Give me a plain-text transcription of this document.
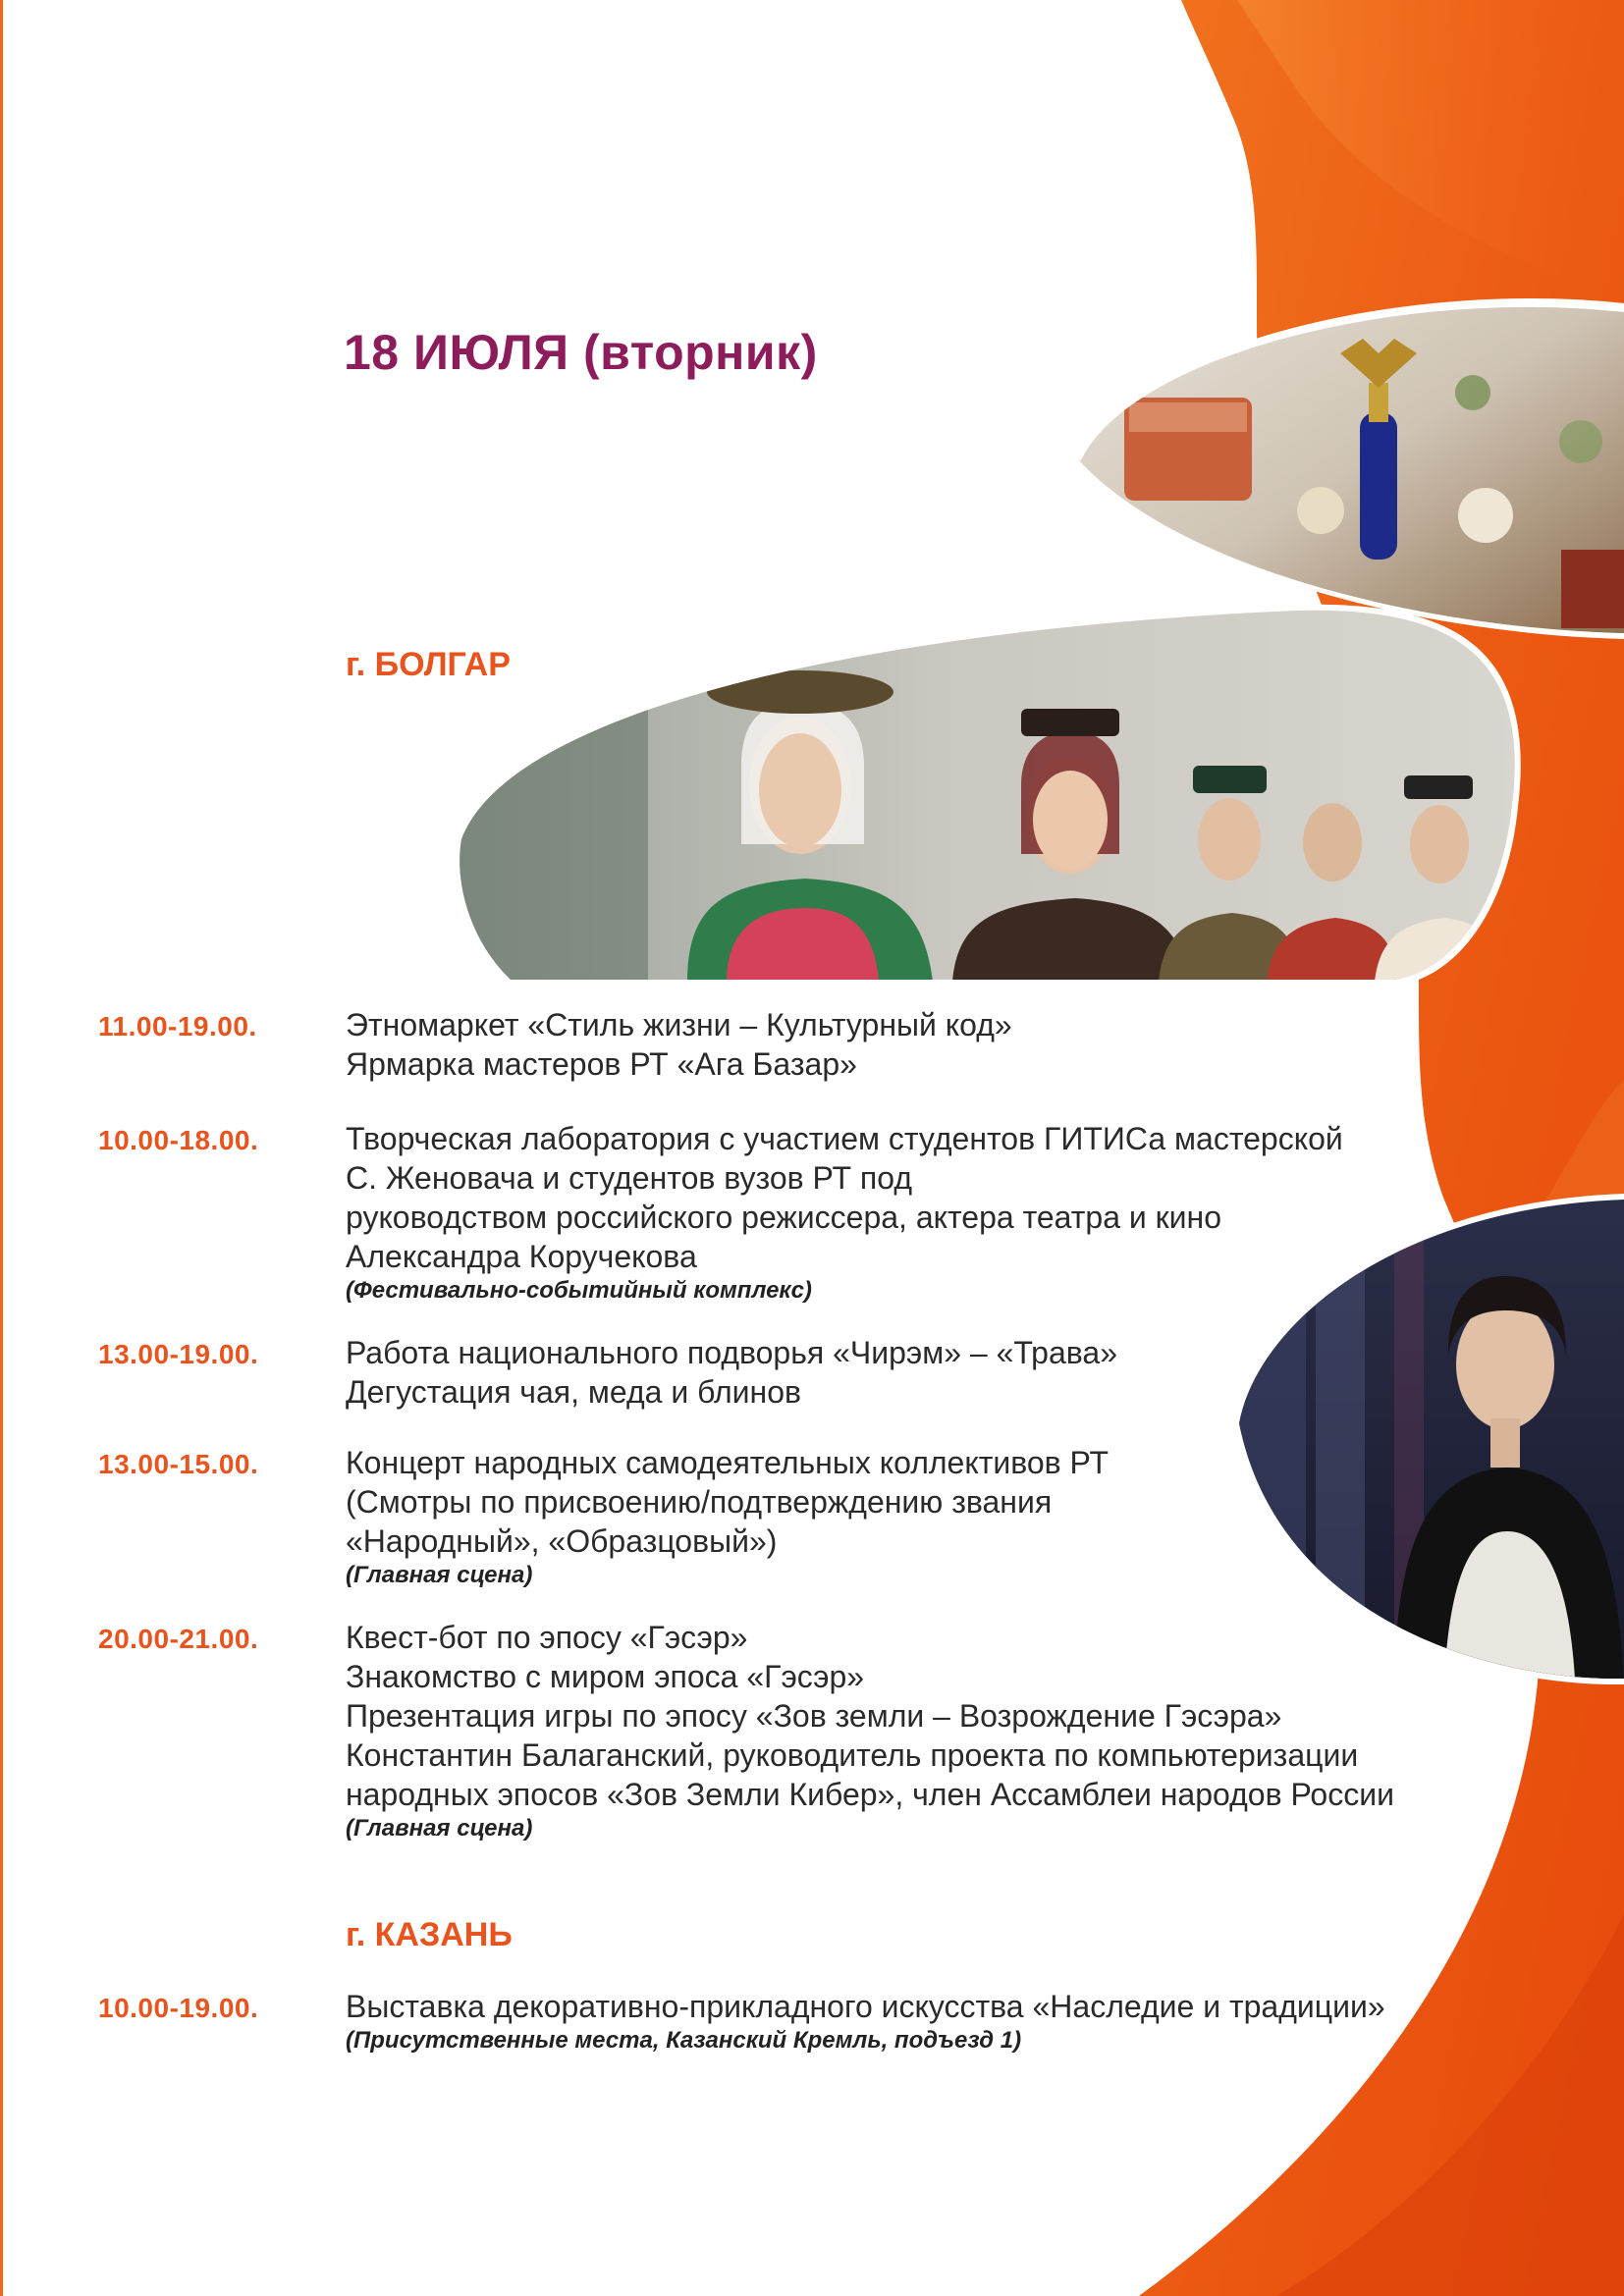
18 ИЮЛЯ (вторник)
г. БОЛГАР
11.00-19.00.	Этномаркет «Стиль жизни – Культурный код»
Ярмарка мастеров РТ «Ага Базар»
10.00-18.00.	Творческая лаборатория с участием студентов ГИТИСа мастерской
С. Женовача и студентов вузов РТ под
руководством российского режиссера, актера театра и кино
Александра Коручекова
(Фестивально-событийный комплекс)
13.00-19.00.	Работа национального подворья «Чирэм» – «Трава»
Дегустация чая, меда и блинов
13.00-15.00.	Концерт народных самодеятельных коллективов РТ
(Смотры по присвоению/подтверждению звания
«Народный», «Образцовый»)
(Главная сцена)
20.00-21.00.	Квест-бот по эпосу «Гэсэр»
Знакомство с миром эпоса «Гэсэр»
Презентация игры по эпосу «Зов земли – Возрождение Гэсэра»
Константин Балаганский, руководитель проекта по компьютеризации
народных эпосов «Зов Земли Кибер», член Ассамблеи народов России
(Главная сцена)
г. КАЗАНЬ
10.00-19.00.	Выставка декоративно-прикладного искусства «Наследие и традиции»
(Присутственные места, Казанский Кремль, подъезд 1)
